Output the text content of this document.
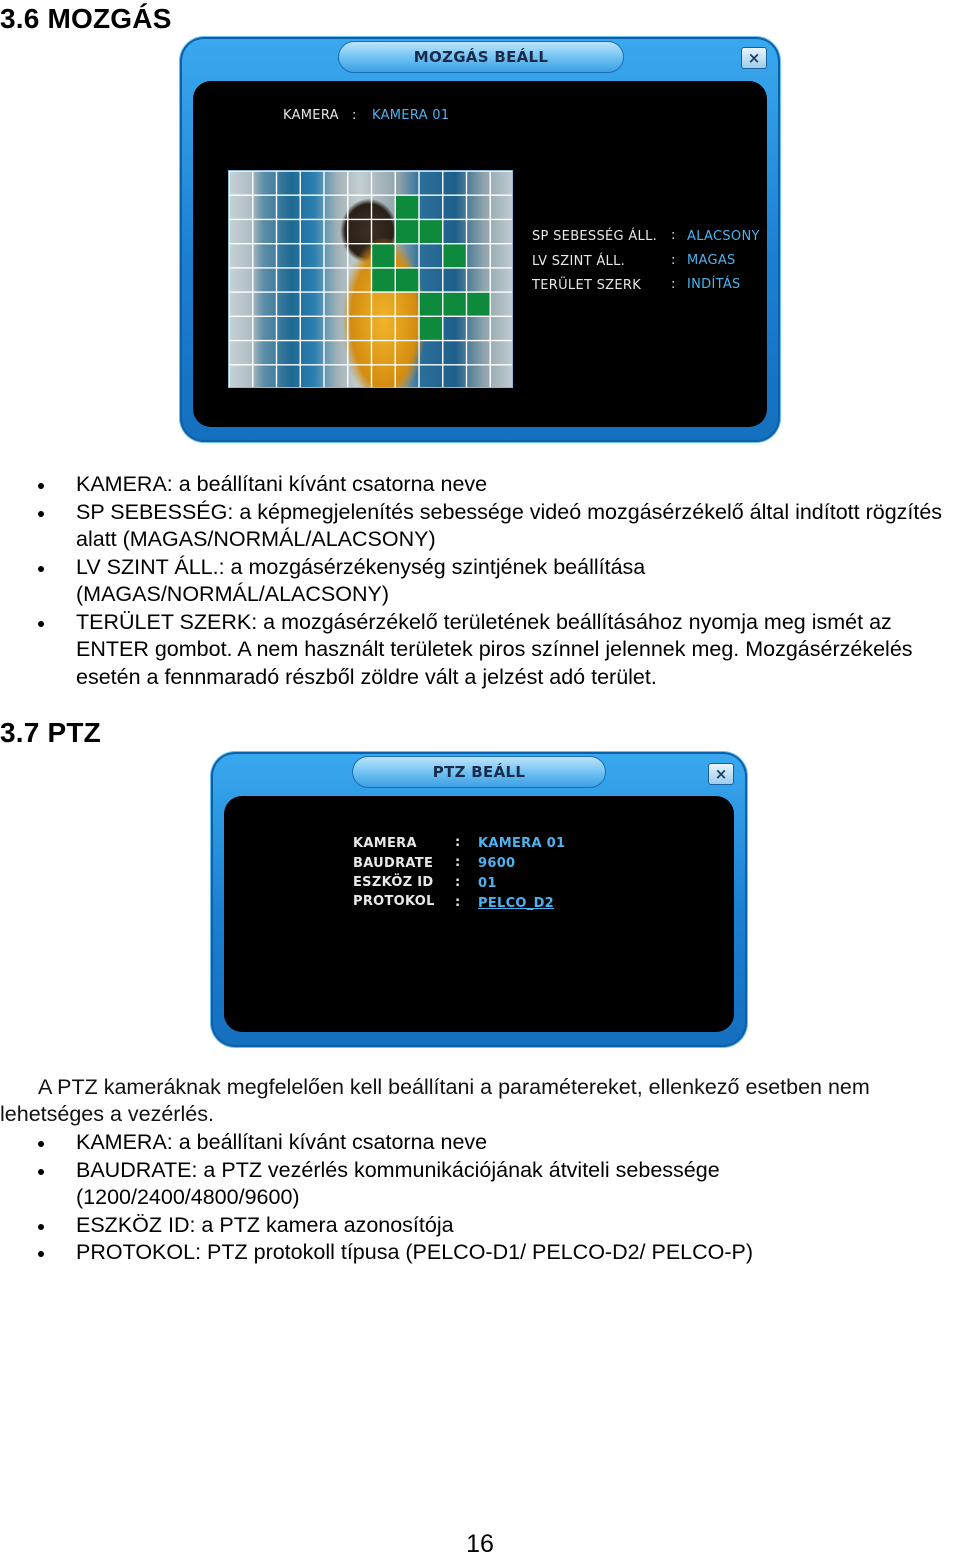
3.6 MOZGÁS
MOZGÁS BEÁLL	×
KAMERA : KAMERA 01
SP SEBESSÉG ÁLL. : ALACSONY
LV SZINT ÁLL.	: MAGAS
TERÜLET SZERK : INDÍTÁS
KAMERA: a beállítani kívánt csatorna neve
SP SEBESSÉG: a képmegjelenítés sebessége videó mozgásérzékelő által indított rögzítés alatt (MAGAS/NORMÁL/ALACSONY)
LV SZINT ÁLL.: a mozgásérzékenység szintjének beállítása (MAGAS/NORMÁL/ALACSONY)
TERÜLET SZERK: a mozgásérzékelő területének beállításához nyomja meg ismét az ENTER gombot. A nem használt területek piros színnel jelennek meg. Mozgásérzékelés esetén a fennmaradó részből zöldre vált a jelzést adó terület.
3.7 PTZ
PTZ BEÁLL	×
KAMERA	: KAMERA 01
BAUDRATE : 9600
ESZKÖZ ID : 01
PROTOKOL : PELCO_D2
A PTZ kameráknak megfelelően kell beállítani a paramétereket, ellenkező esetben nem
lehetséges a vezérlés.
KAMERA: a beállítani kívánt csatorna neve
BAUDRATE: a PTZ vezérlés kommunikációjának átviteli sebessége (1200/2400/4800/9600)
ESZKÖZ ID: a PTZ kamera azonosítója
PROTOKOL: PTZ protokoll típusa (PELCO-D1/ PELCO-D2/ PELCO-P)
16
